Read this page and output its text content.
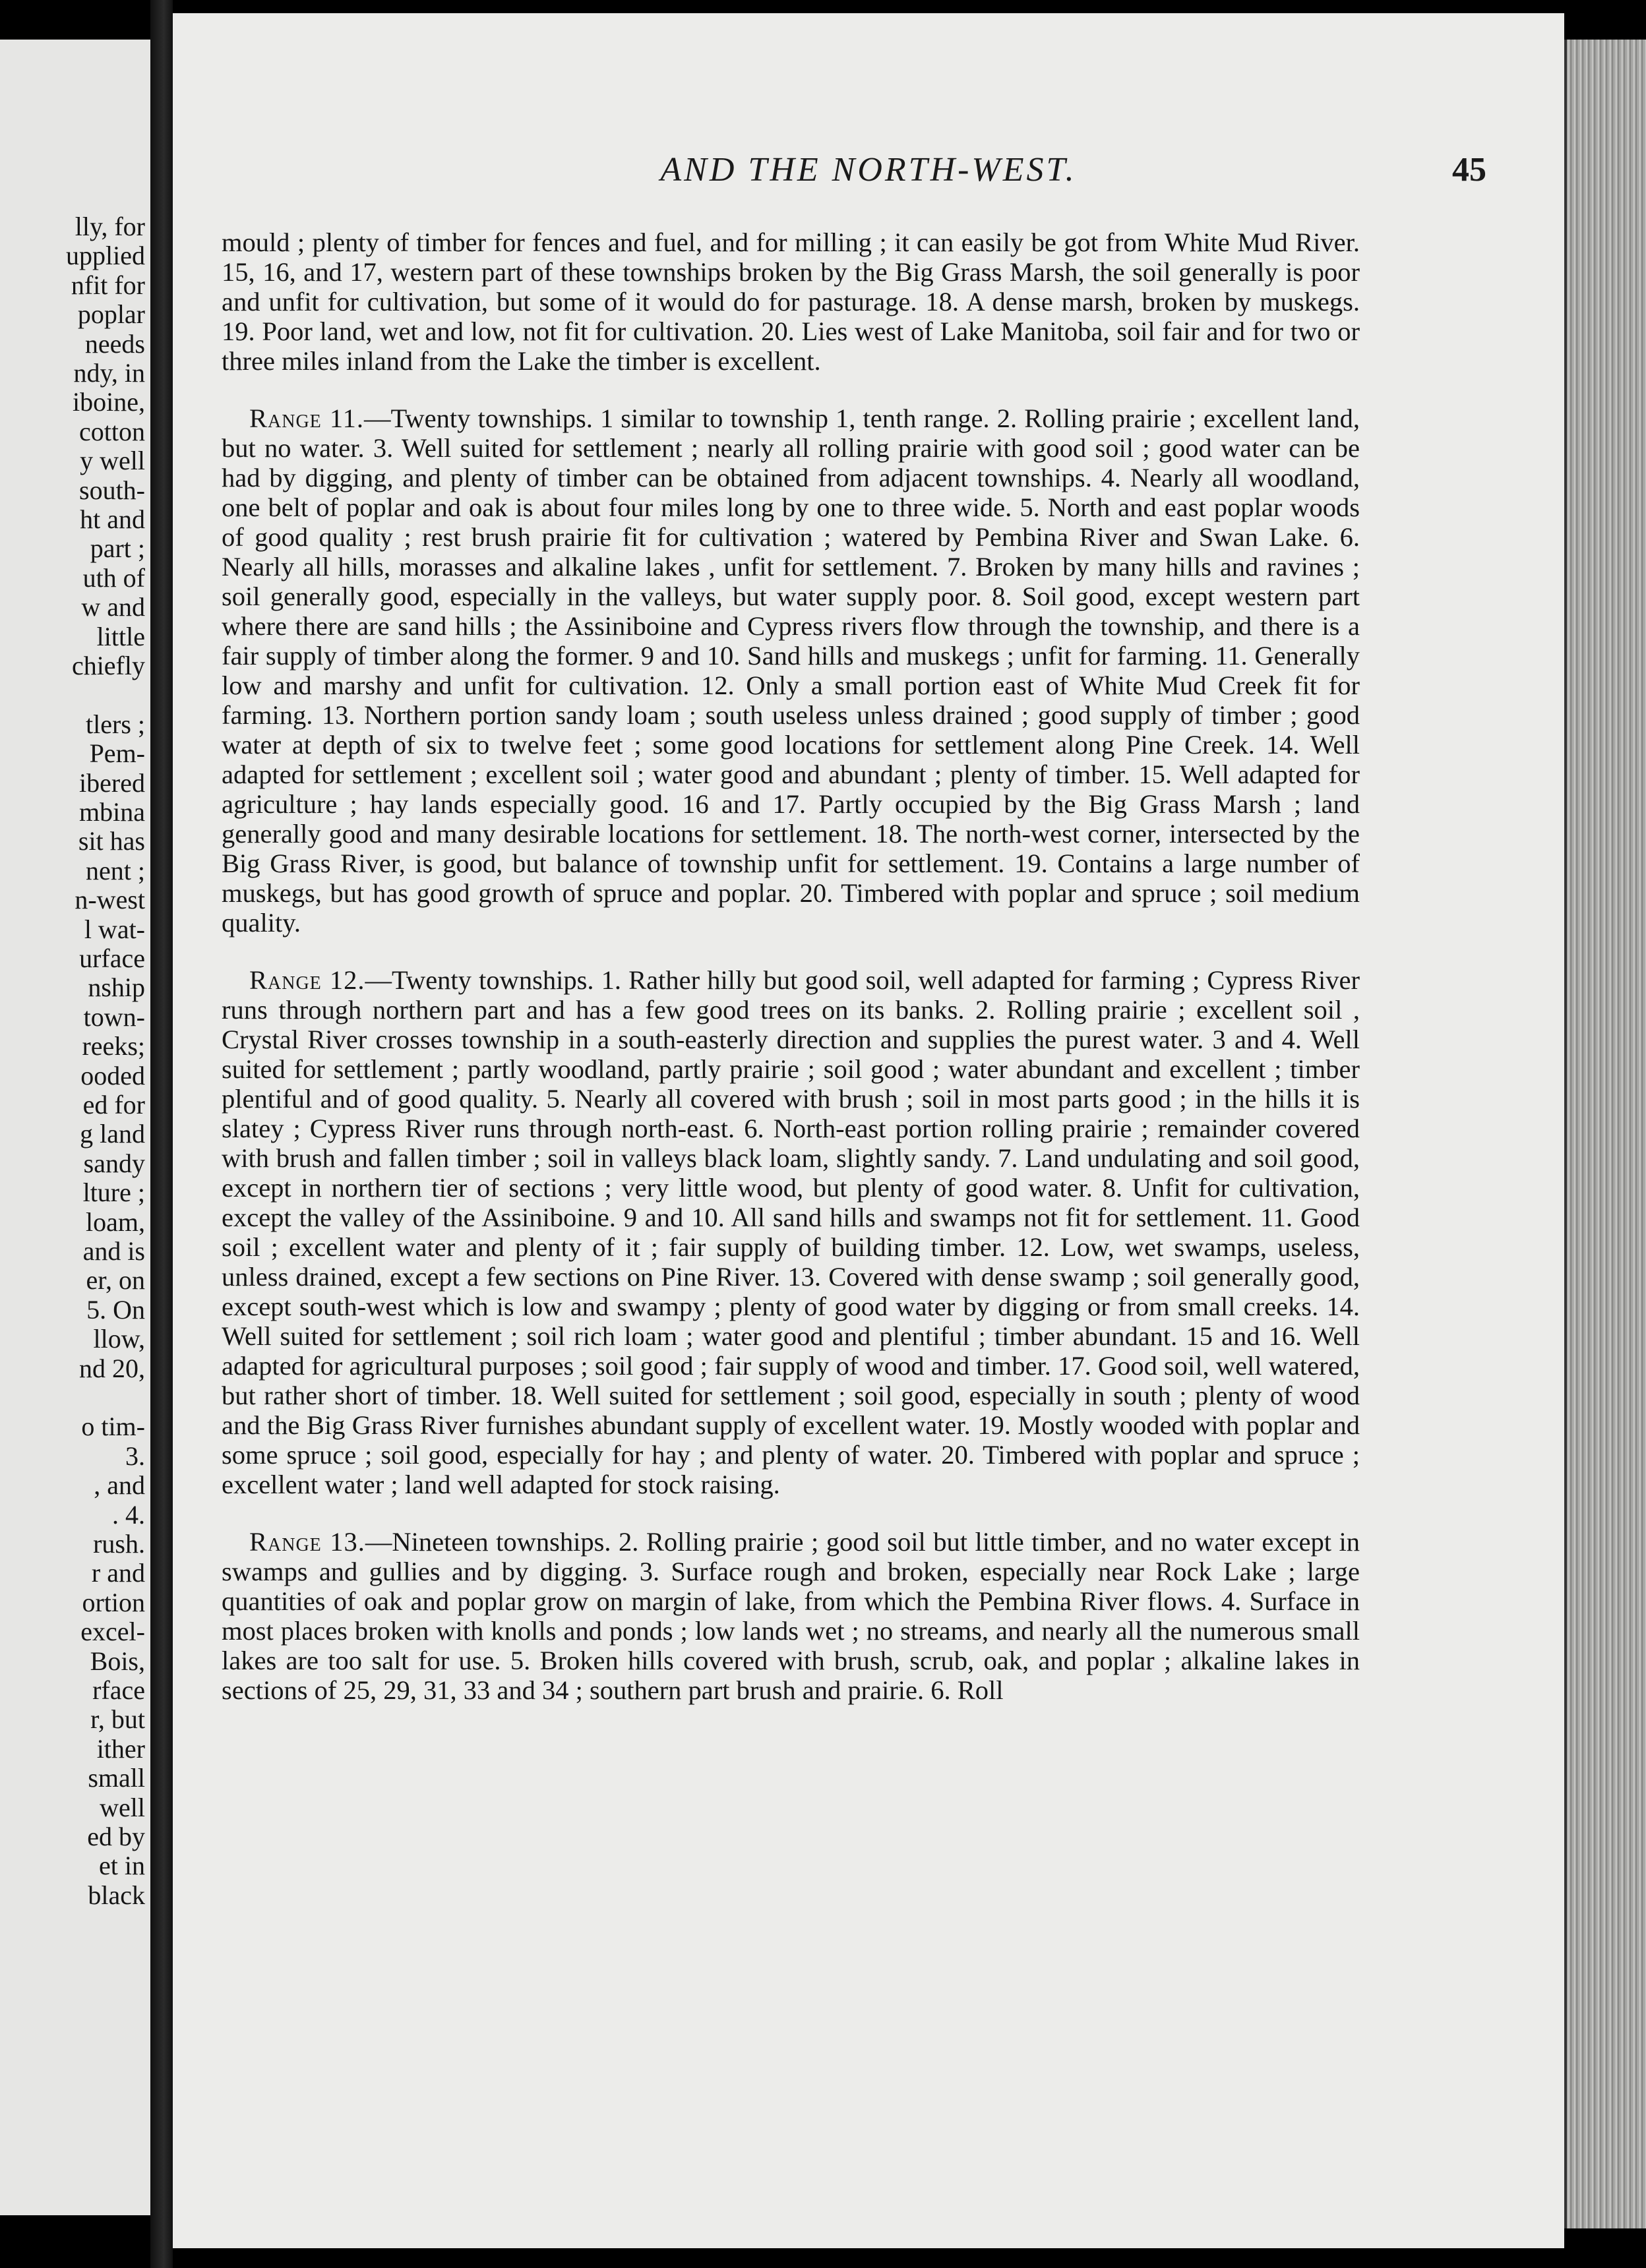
lly, for
upplied
nfit for
poplar
needs
ndy, in
iboine,
cotton
y well
south-
ht and
part ;
uth of
w and
little
chiefly
tlers ;
Pem-
ibered
mbina
sit has
nent ;
n-west
l wat-
urface
nship
town-
reeks;
ooded
ed for
g land
sandy
lture ;
loam,
and is
er, on
5. On
llow,
nd 20,
o tim-
3.
, and
. 4.
rush.
r and
ortion
excel-
Bois,
rface
r, but
ither
small
well
ed by
et in
black
AND THE NORTH-WEST.	45

mould ; plenty of timber for fences and fuel, and for milling ; it can easily be got from White Mud River. 15, 16, and 17, western part of these townships broken by the Big Grass Marsh, the soil generally is poor and unfit for cultivation, but some of it would do for pasturage. 18. A dense marsh, broken by muskegs. 19. Poor land, wet and low, not fit for cultivation. 20. Lies west of Lake Manitoba, soil fair and for two or three miles inland from the Lake the timber is excellent.

Range 11.—Twenty townships. 1 similar to township 1, tenth range. 2. Rolling prairie ; excellent land, but no water. 3. Well suited for settlement ; nearly all rolling prairie with good soil ; good water can be had by digging, and plenty of timber can be obtained from adjacent townships. 4. Nearly all woodland, one belt of poplar and oak is about four miles long by one to three wide. 5. North and east poplar woods of good quality ; rest brush prairie fit for cultivation ; watered by Pembina River and Swan Lake. 6. Nearly all hills, morasses and alkaline lakes , unfit for settlement. 7. Broken by many hills and ravines ; soil generally good, especially in the valleys, but water supply poor. 8. Soil good, except western part where there are sand hills ; the Assiniboine and Cypress rivers flow through the township, and there is a fair supply of timber along the former. 9 and 10. Sand hills and muskegs ; unfit for farming. 11. Generally low and marshy and unfit for cultivation. 12. Only a small portion east of White Mud Creek fit for farming. 13. Northern portion sandy loam ; south useless unless drained ; good supply of timber ; good water at depth of six to twelve feet ; some good locations for settlement along Pine Creek. 14. Well adapted for settlement ; excellent soil ; water good and abundant ; plenty of timber. 15. Well adapted for agriculture ; hay lands especially good. 16 and 17. Partly occupied by the Big Grass Marsh ; land generally good and many desirable locations for settlement. 18. The north-west corner, intersected by the Big Grass River, is good, but balance of township unfit for settlement. 19. Contains a large number of muskegs, but has good growth of spruce and poplar. 20. Timbered with poplar and spruce ; soil medium quality.

Range 12.—Twenty townships. 1. Rather hilly but good soil, well adapted for farming ; Cypress River runs through northern part and has a few good trees on its banks. 2. Rolling prairie ; excellent soil , Crystal River crosses township in a south-easterly direction and supplies the purest water. 3 and 4. Well suited for settlement ; partly woodland, partly prairie ; soil good ; water abundant and excellent ; timber plentiful and of good quality. 5. Nearly all covered with brush ; soil in most parts good ; in the hills it is slatey ; Cypress River runs through north-east. 6. North-east portion rolling prairie ; remainder covered with brush and fallen timber ; soil in valleys black loam, slightly sandy. 7. Land undulating and soil good, except in northern tier of sections ; very little wood, but plenty of good water. 8. Unfit for cultivation, except the valley of the Assiniboine. 9 and 10. All sand hills and swamps not fit for settlement. 11. Good soil ; excellent water and plenty of it ; fair supply of building timber. 12. Low, wet swamps, useless, unless drained, except a few sections on Pine River. 13. Covered with dense swamp ; soil generally good, except south-west which is low and swampy ; plenty of good water by digging or from small creeks. 14. Well suited for settlement ; soil rich loam ; water good and plentiful ; timber abundant. 15 and 16. Well adapted for agricultural purposes ; soil good ; fair supply of wood and timber. 17. Good soil, well watered, but rather short of timber. 18. Well suited for settlement ; soil good, especially in south ; plenty of wood and the Big Grass River furnishes abundant supply of excellent water. 19. Mostly wooded with poplar and some spruce ; soil good, especially for hay ; and plenty of water. 20. Timbered with poplar and spruce ; excellent water ; land well adapted for stock raising.

Range 13.—Nineteen townships. 2. Rolling prairie ; good soil but little timber, and no water except in swamps and gullies and by digging. 3. Surface rough and broken, especially near Rock Lake ; large quantities of oak and poplar grow on margin of lake, from which the Pembina River flows. 4. Surface in most places broken with knolls and ponds ; low lands wet ; no streams, and nearly all the numerous small lakes are too salt for use. 5. Broken hills covered with brush, scrub, oak, and poplar ; alkaline lakes in sections of 25, 29, 31, 33 and 34 ; southern part brush and prairie. 6. Roll
